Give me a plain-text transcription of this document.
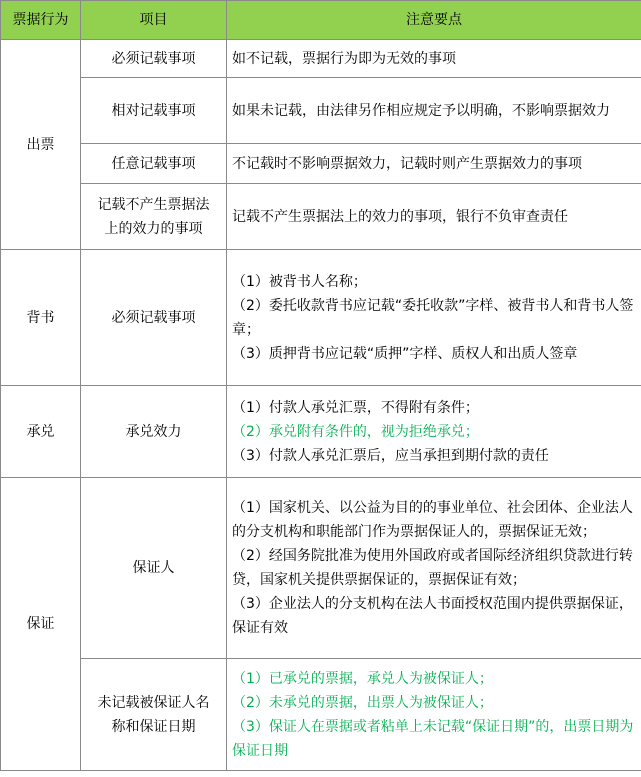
票据行为	项目	注意要点
出票	必须记载事项	如不记载，票据行为即为无效的事项

	相对记载事项	如果未记载，由法律另作相应规定予以明确，不影响票据效力

	任意记载事项	不记载时不影响票据效力，记载时则产生票据效力的事项

	记载不产生票据法上的效力的事项	记载不产生票据法上的效力的事项，银行不负审查责任

背书	必须记载事项	（1）被背书人名称；
（2）委托收款背书应记载“委托收款”字样、被背书人和背书人签章；
（3）质押背书应记载“质押”字样、质权人和出质人签章

承兑	承兑效力	（1）付款人承兑汇票，不得附有条件；
（2）承兑附有条件的，视为拒绝承兑；
（3）付款人承兑汇票后，应当承担到期付款的责任

保证	保证人	（1）国家机关、以公益为目的的事业单位、社会团体、企业法人的分支机构和职能部门作为票据保证人的，票据保证无效；
（2）经国务院批准为使用外国政府或者国际经济组织贷款进行转贷，国家机关提供票据保证的，票据保证有效；
（3）企业法人的分支机构在法人书面授权范围内提供票据保证，保证有效

	未记载被保证人名称和保证日期	（1）已承兑的票据，承兑人为被保证人；
（2）未承兑的票据，出票人为被保证人；
（3）保证人在票据或者粘单上未记载“保证日期”的，出票日期为保证日期
